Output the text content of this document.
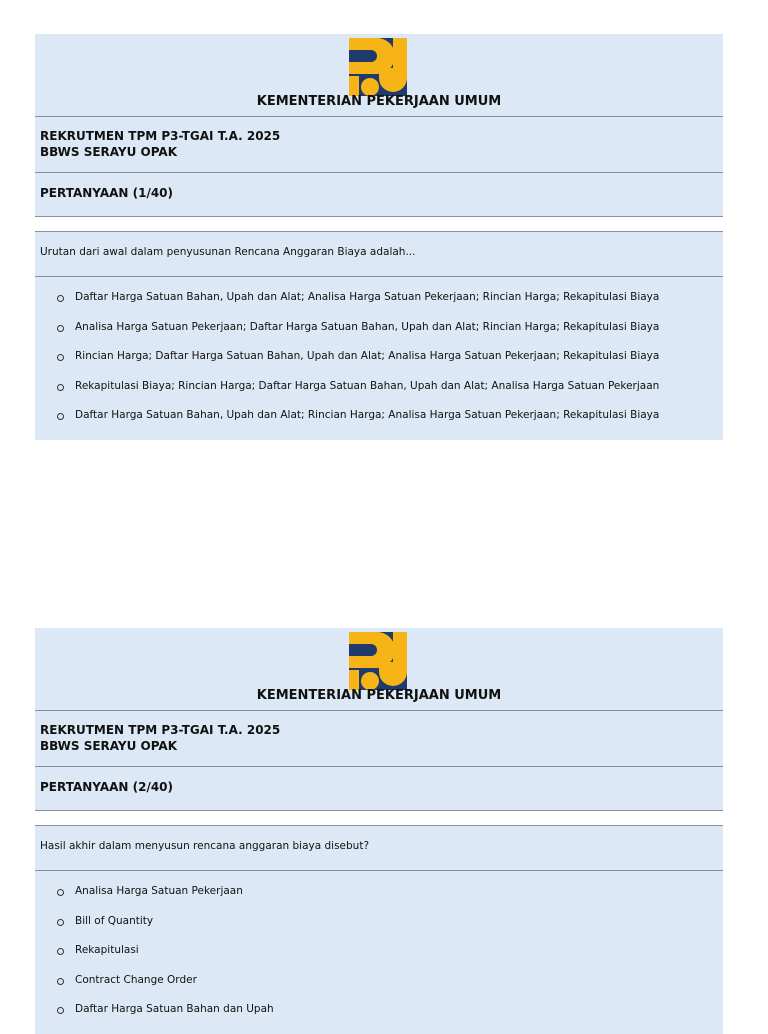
KEMENTERIAN PEKERJAAN UMUM
REKRUTMEN TPM P3-TGAI T.A. 2025
BBWS SERAYU OPAK
PERTANYAAN (1/40)
Urutan dari awal dalam penyusunan Rencana Anggaran Biaya adalah...
Daftar Harga Satuan Bahan, Upah dan Alat; Analisa Harga Satuan Pekerjaan; Rincian Harga; Rekapitulasi Biaya
Analisa Harga Satuan Pekerjaan; Daftar Harga Satuan Bahan, Upah dan Alat; Rincian Harga; Rekapitulasi Biaya
Rincian Harga; Daftar Harga Satuan Bahan, Upah dan Alat; Analisa Harga Satuan Pekerjaan; Rekapitulasi Biaya
Rekapitulasi Biaya; Rincian Harga; Daftar Harga Satuan Bahan, Upah dan Alat; Analisa Harga Satuan Pekerjaan
Daftar Harga Satuan Bahan, Upah dan Alat; Rincian Harga; Analisa Harga Satuan Pekerjaan; Rekapitulasi Biaya
KEMENTERIAN PEKERJAAN UMUM
REKRUTMEN TPM P3-TGAI T.A. 2025
BBWS SERAYU OPAK
PERTANYAAN (2/40)
Hasil akhir dalam menyusun rencana anggaran biaya disebut?
Analisa Harga Satuan Pekerjaan
Bill of Quantity
Rekapitulasi
Contract Change Order
Daftar Harga Satuan Bahan dan Upah
